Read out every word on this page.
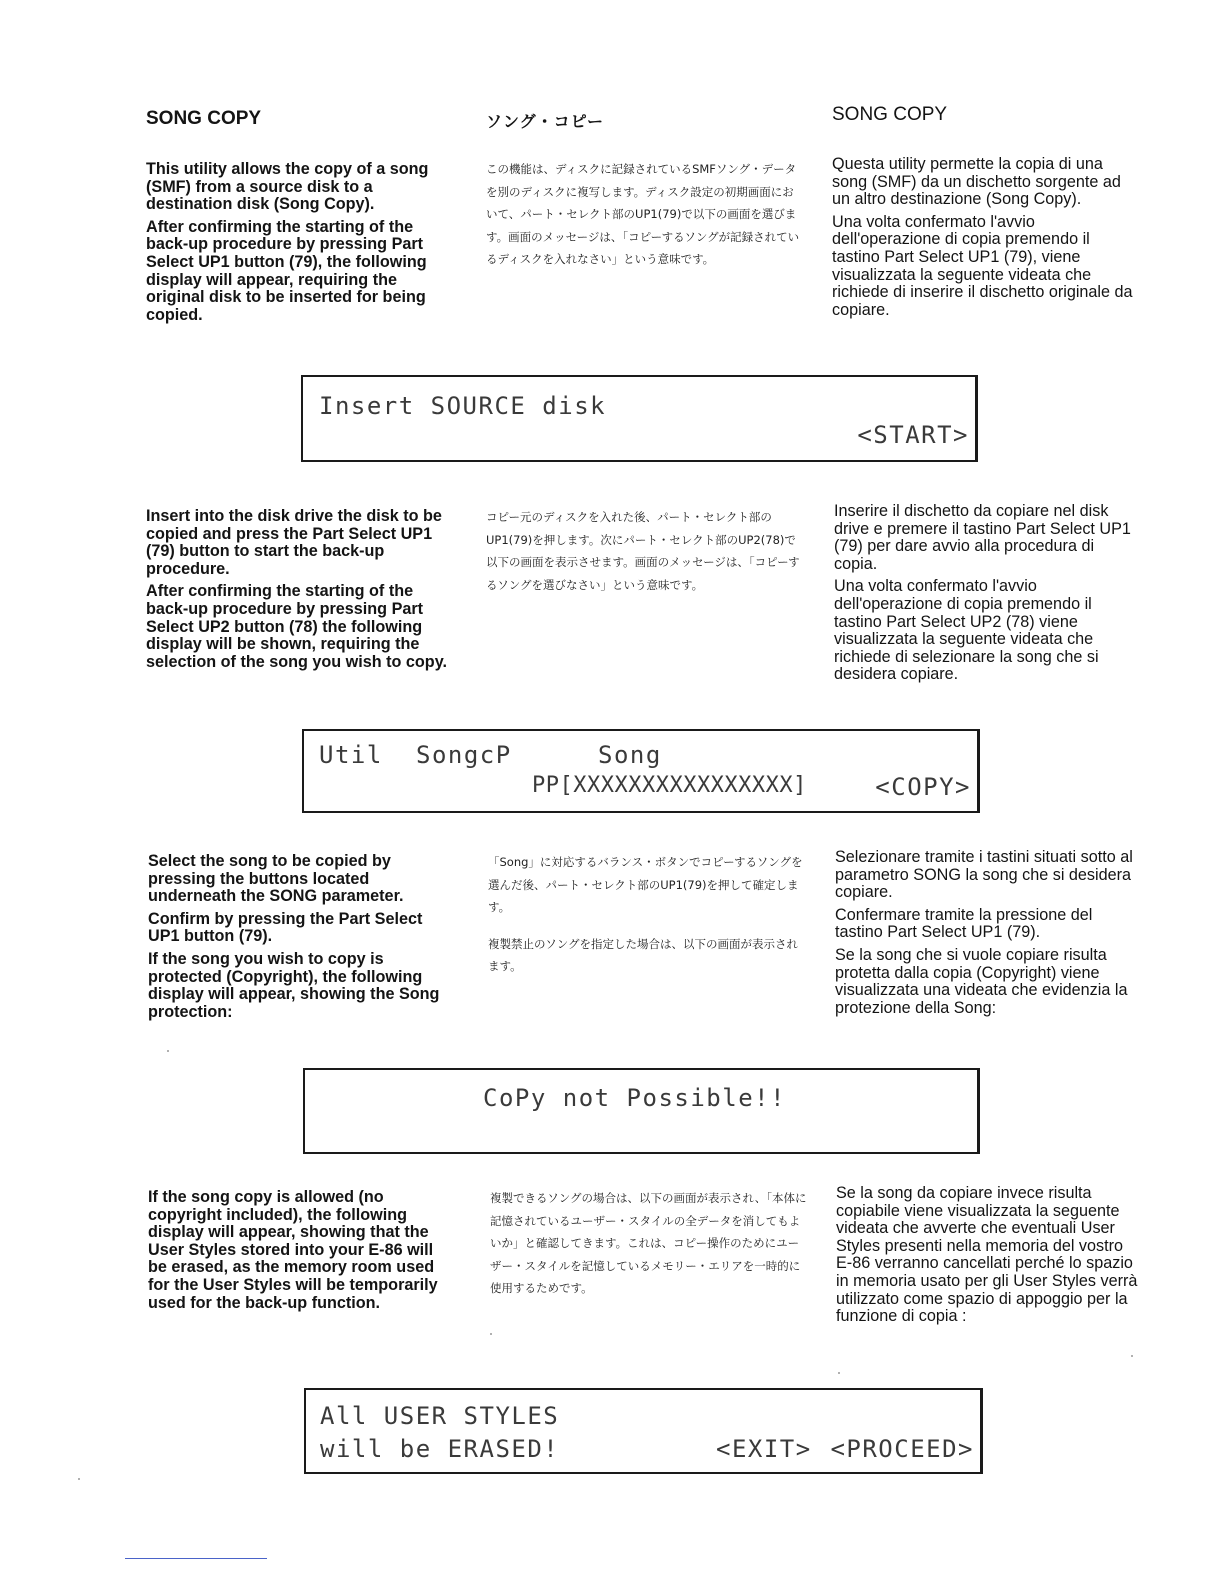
SONG COPY	ソング・コピー	SONG COPY

This utility allows the copy of a song (SMF) from a source disk to a destination disk (Song Copy).

After confirming the starting of the back-up procedure by pressing Part Select UP1 button (79), the following display will appear, requiring the original disk to be inserted for being copied.

この機能は、ディスクに記録されているSMFソング・データを別のディスクに複写します。ディスク設定の初期画面において、パート・セレクト部のUP1(79)で以下の画面を選びます。画面のメッセージは、「コピーするソングが記録されているディスクを入れなさい」という意味です。

Questa utility permette la copia di una song (SMF) da un dischetto sorgente ad un altro destinazione (Song Copy).

Una volta confermato l'avvio dell'operazione di copia premendo il tastino Part Select UP1 (79), viene visualizzata la seguente videata che richiede di inserire il dischetto originale da copiare.

Insert SOURCE disk
<START>

Insert into the disk drive the disk to be copied and press the Part Select UP1 (79) button to start the back-up procedure.

After confirming the starting of the back-up procedure by pressing Part Select UP2 button (78) the following display will be shown, requiring the selection of the song you wish to copy.

コピー元のディスクを入れた後、パート・セレクト部のUP1(79)を押します。次にパート・セレクト部のUP2(78)で以下の画面を表示させます。画面のメッセージは、「コピーするソングを選びなさい」という意味です。

Inserire il dischetto da copiare nel disk drive e premere il tastino Part Select UP1 (79) per dare avvio alla procedura di copia.

Una volta confermato l'avvio dell'operazione di copia premendo il tastino Part Select UP2 (78) viene visualizzata la seguente videata che richiede di selezionare la song che si desidera copiare.

Util SongcP	Song
PP[XXXXXXXXXXXXXXXX]	<COPY>

Select the song to be copied by pressing the buttons located underneath the SONG parameter.

Confirm by pressing the Part Select UP1 button (79).

If the song you wish to copy is protected (Copyright), the following display will appear, showing the Song protection:

「Song」に対応するバランス・ボタンでコピーするソングを選んだ後、パート・セレクト部のUP1(79)を押して確定します。

複製禁止のソングを指定した場合は、以下の画面が表示されます。

Selezionare tramite i tastini situati sotto al parametro SONG la song che si desidera copiare.

Confermare tramite la pressione del tastino Part Select UP1 (79).

Se la song che si vuole copiare risulta protetta dalla copia (Copyright) viene visualizzata una videata che evidenzia la protezione della Song:

CoPy not Possible!!

If the song copy is allowed (no copyright included), the following display will appear, showing that the User Styles stored into your E-86 will be erased, as the memory room used for the User Styles will be temporarily used for the back-up function.

複製できるソングの場合は、以下の画面が表示され、「本体に記憶されているユーザー・スタイルの全データを消してもよいか」と確認してきます。これは、コピー操作のためにユーザー・スタイルを記憶しているメモリー・エリアを一時的に使用するためです。

Se la song da copiare invece risulta copiabile viene visualizzata la seguente videata che avverte che eventuali User Styles presenti nella memoria del vostro E-86 verranno cancellati perché lo spazio in memoria usato per gli User Styles verrà utilizzato come spazio di appoggio per la funzione di copia :

All USER STYLES
will be ERASED!	<EXIT> <PROCEED>
